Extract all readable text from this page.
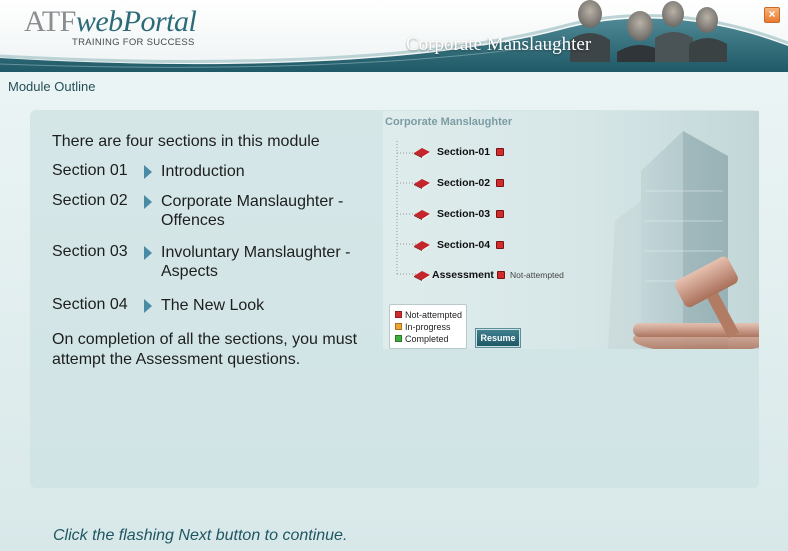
ATFwebPortal
TRAINING FOR SUCCESS	Corporate Manslaughter
×
Module Outline
There are four sections in this module
Section 01 Introduction
Section 02 Corporate Manslaughter - Offences
Section 03 Involuntary Manslaughter - Aspects
Section 04 The New Look
On completion of all the sections, you must attempt the Assessment questions.
Corporate Manslaughter
Section-01
Section-02
Section-03
Section-04
Assessment	Not-attempted
Not-attempted
In-progress
Completed	Resume
Click the flashing Next button to continue.
